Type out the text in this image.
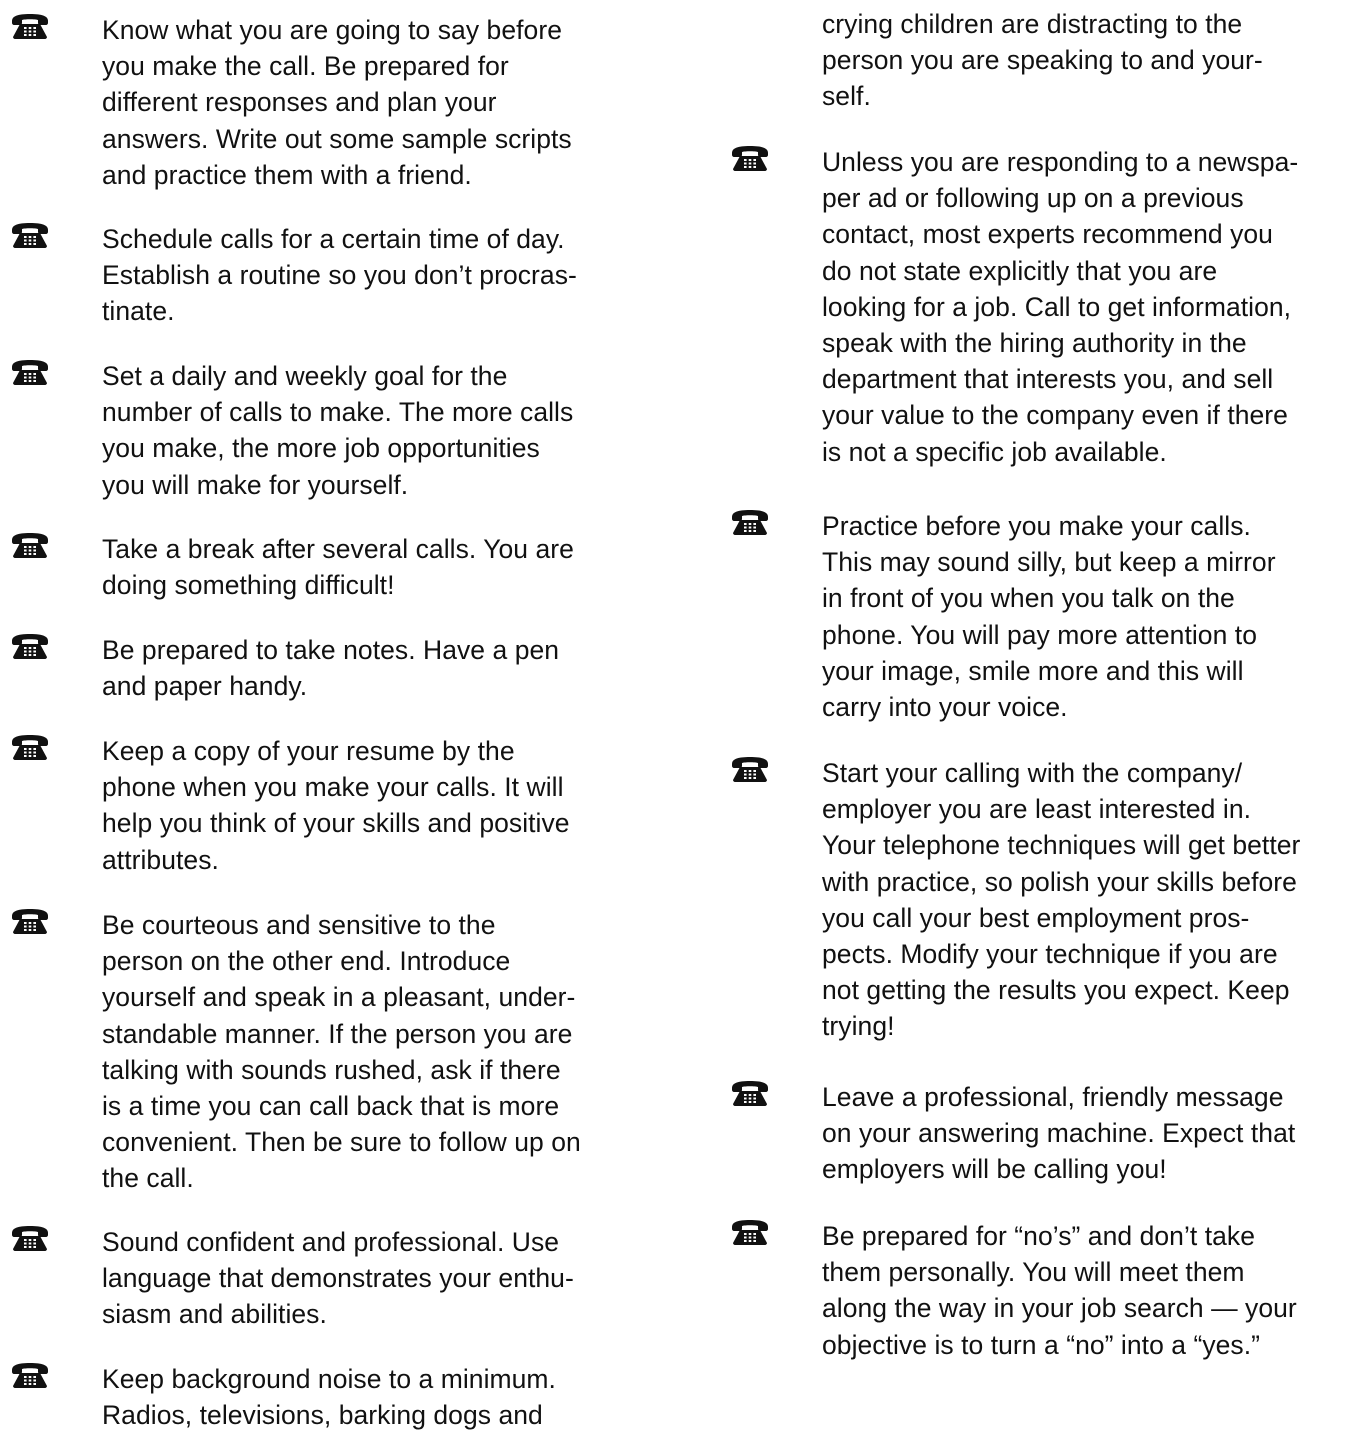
Know what you are going to say before
you make the call. Be prepared for
different responses and plan your
answers. Write out some sample scripts
and practice them with a friend.
Schedule calls for a certain time of day.
Establish a routine so you don’t procras-
tinate.
Set a daily and weekly goal for the
number of calls to make. The more calls
you make, the more job opportunities
you will make for yourself.
Take a break after several calls. You are
doing something difficult!
Be prepared to take notes. Have a pen
and paper handy.
Keep a copy of your resume by the
phone when you make your calls. It will
help you think of your skills and positive
attributes.
Be courteous and sensitive to the
person on the other end. Introduce
yourself and speak in a pleasant, under-
standable manner. If the person you are
talking with sounds rushed, ask if there
is a time you can call back that is more
convenient. Then be sure to follow up on
the call.
Sound confident and professional. Use
language that demonstrates your enthu-
siasm and abilities.
Keep background noise to a minimum.
Radios, televisions, barking dogs and
crying children are distracting to the
person you are speaking to and your-
self.
Unless you are responding to a newspa-
per ad or following up on a previous
contact, most experts recommend you
do not state explicitly that you are
looking for a job. Call to get information,
speak with the hiring authority in the
department that interests you, and sell
your value to the company even if there
is not a specific job available.
Practice before you make your calls.
This may sound silly, but keep a mirror
in front of you when you talk on the
phone. You will pay more attention to
your image, smile more and this will
carry into your voice.
Start your calling with the company/
employer you are least interested in.
Your telephone techniques will get better
with practice, so polish your skills before
you call your best employment pros-
pects. Modify your technique if you are
not getting the results you expect. Keep
trying!
Leave a professional, friendly message
on your answering machine. Expect that
employers will be calling you!
Be prepared for “no’s” and don’t take
them personally. You will meet them
along the way in your job search — your
objective is to turn a “no” into a “yes.”
